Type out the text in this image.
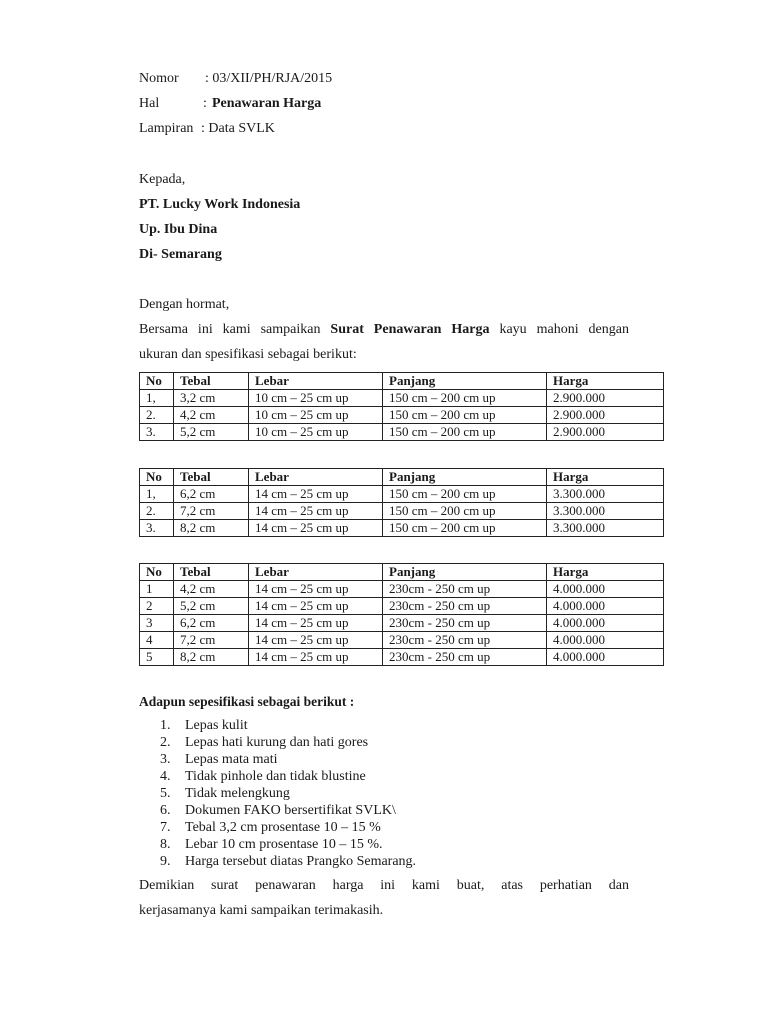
Nomor : 03/XII/PH/RJA/2015
Hal	: Penawaran Harga
Lampiran : Data SVLK
Kepada,
PT. Lucky Work Indonesia
Up. Ibu Dina
Di- Semarang
Dengan hormat,
Bersama ini kami sampaikan Surat Penawaran Harga kayu mahoni dengan
ukuran dan spesifikasi sebagai berikut:
No	Tebal	Lebar	Panjang	Harga
1,	3,2 cm	10 cm – 25 cm up	150 cm – 200 cm up	2.900.000
2.	4,2 cm	10 cm – 25 cm up	150 cm – 200 cm up	2.900.000
3.	5,2 cm	10 cm – 25 cm up	150 cm – 200 cm up	2.900.000
No	Tebal	Lebar	Panjang	Harga
1,	6,2 cm	14 cm – 25 cm up	150 cm – 200 cm up	3.300.000
2.	7,2 cm	14 cm – 25 cm up	150 cm – 200 cm up	3.300.000
3.	8,2 cm	14 cm – 25 cm up	150 cm – 200 cm up	3.300.000
No	Tebal	Lebar	Panjang	Harga
1	4,2 cm	14 cm – 25 cm up	230cm - 250 cm up	4.000.000
2	5,2 cm	14 cm – 25 cm up	230cm - 250 cm up	4.000.000
3	6,2 cm	14 cm – 25 cm up	230cm - 250 cm up	4.000.000
4	7,2 cm	14 cm – 25 cm up	230cm - 250 cm up	4.000.000
5	8,2 cm	14 cm – 25 cm up	230cm - 250 cm up	4.000.000
Adapun sepesifikasi sebagai berikut :
1. Lepas kulit
2. Lepas hati kurung dan hati gores
3. Lepas mata mati
4. Tidak pinhole dan tidak blustine
5. Tidak melengkung
6. Dokumen FAKO bersertifikat SVLK\
7. Tebal 3,2 cm prosentase 10 – 15 %
8. Lebar 10 cm prosentase 10 – 15 %.
9. Harga tersebut diatas Prangko Semarang.
Demikian surat penawaran harga ini kami buat, atas perhatian dan
kerjasamanya kami sampaikan terimakasih.
